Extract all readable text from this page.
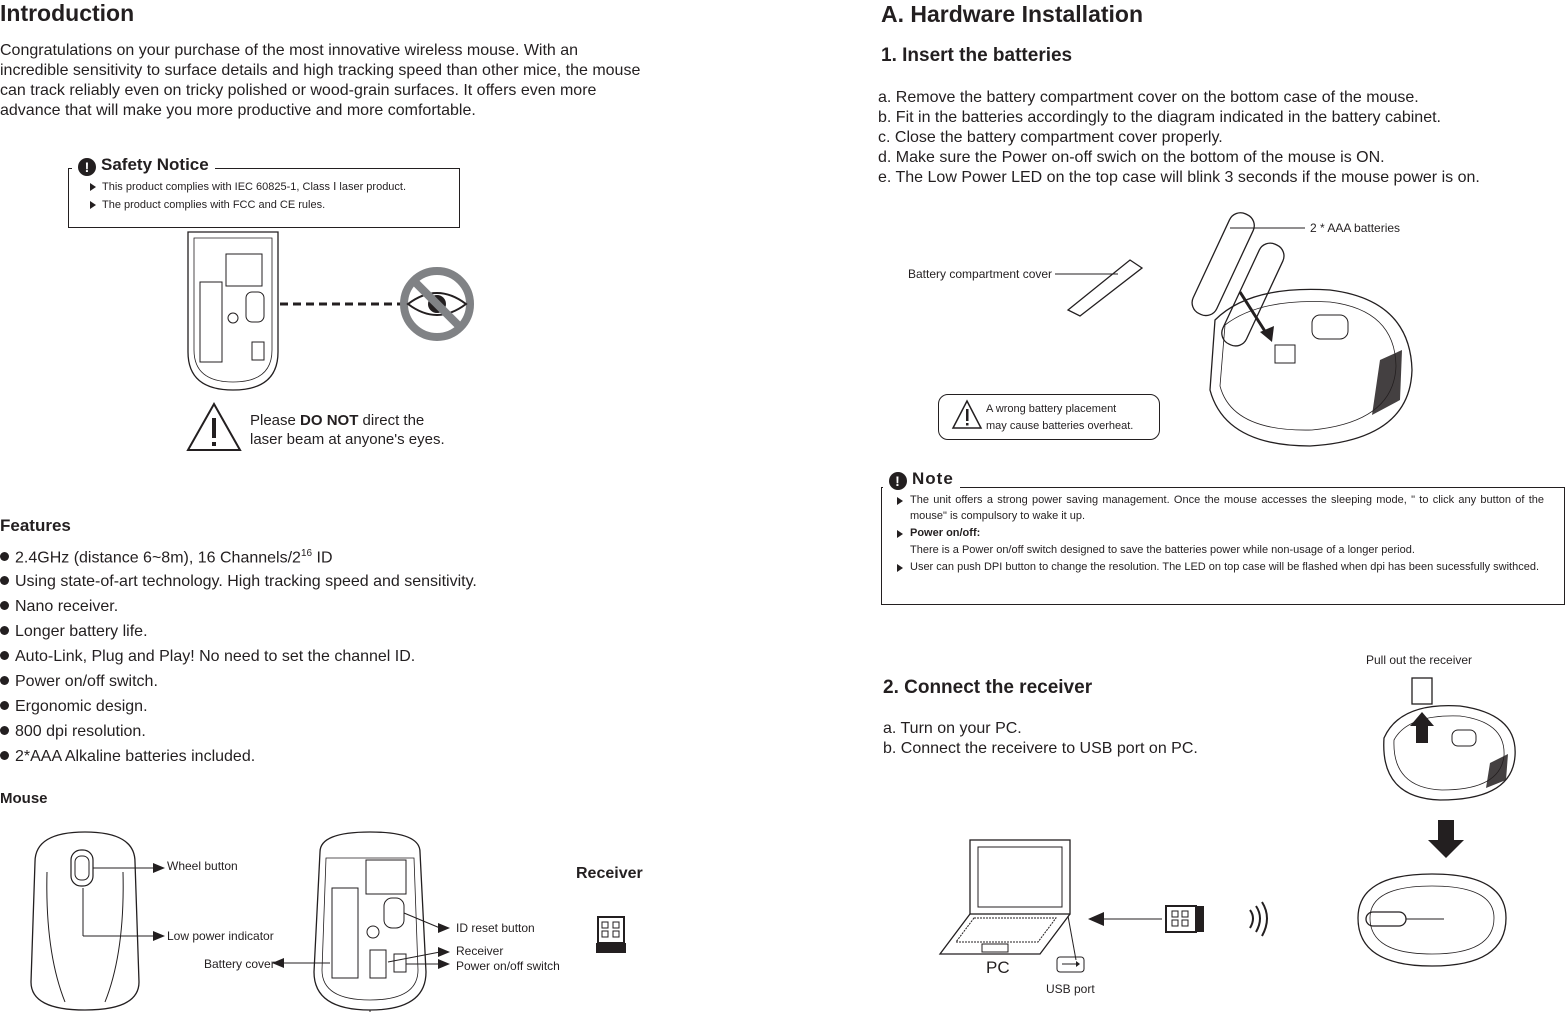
Introduction
Congratulations on your purchase of the most innovative wireless mouse. With an
incredible sensitivity to surface details and high tracking speed than other mice, the mouse
can track reliably even on tricky polished or wood-grain surfaces. It offers even more
advance that will make you more productive and more comfortable.
! Safety Notice
This product complies with IEC 60825-1, Class Ⅰ laser product.
The product complies with FCC and CE rules.
Please DO NOT direct the
laser beam at anyone's eyes.
Features
2.4GHz (distance 6~8m), 16 Channels/$2^{16}$ ID
Using state-of-art technology. High tracking speed and sensitivity.
Nano receiver.
Longer battery life.
Auto-Link, Plug and Play! No need to set the channel ID.
Power on/off switch.
Ergonomic design.
800 dpi resolution.
2*AAA Alkaline batteries included.
Mouse
Wheel button
Low power indicator
Battery cover
ID reset button
Receiver
Power on/off switch
Receiver
A. Hardware Installation
1. Insert the batteries
a. Remove the battery compartment cover on the bottom case of the mouse.
b. Fit in the batteries accordingly to the diagram indicated in the battery cabinet.
c. Close the battery compartment cover properly.
d. Make sure the Power on-off swich on the bottom of the mouse is ON.
e. The Low Power LED on the top case will blink 3 seconds if the mouse power is on.
2 * AAA batteries
Battery compartment cover
A wrong battery placement
may cause batteries overheat.
! Note
The unit offers a strong power saving management. Once the mouse accesses the sleeping mode, " to click any button of the mouse" is compulsory to wake it up.
Power on/off:
There is a Power on/off switch designed to save the batteries power while non-usage of a longer period.
User can push DPI button to change the resolution. The LED on top case will be flashed when dpi has been sucessfully swithced.
2. Connect the receiver
a. Turn on your PC.
b. Connect the receivere to USB port on PC.
Pull out the receiver
PC
USB port
